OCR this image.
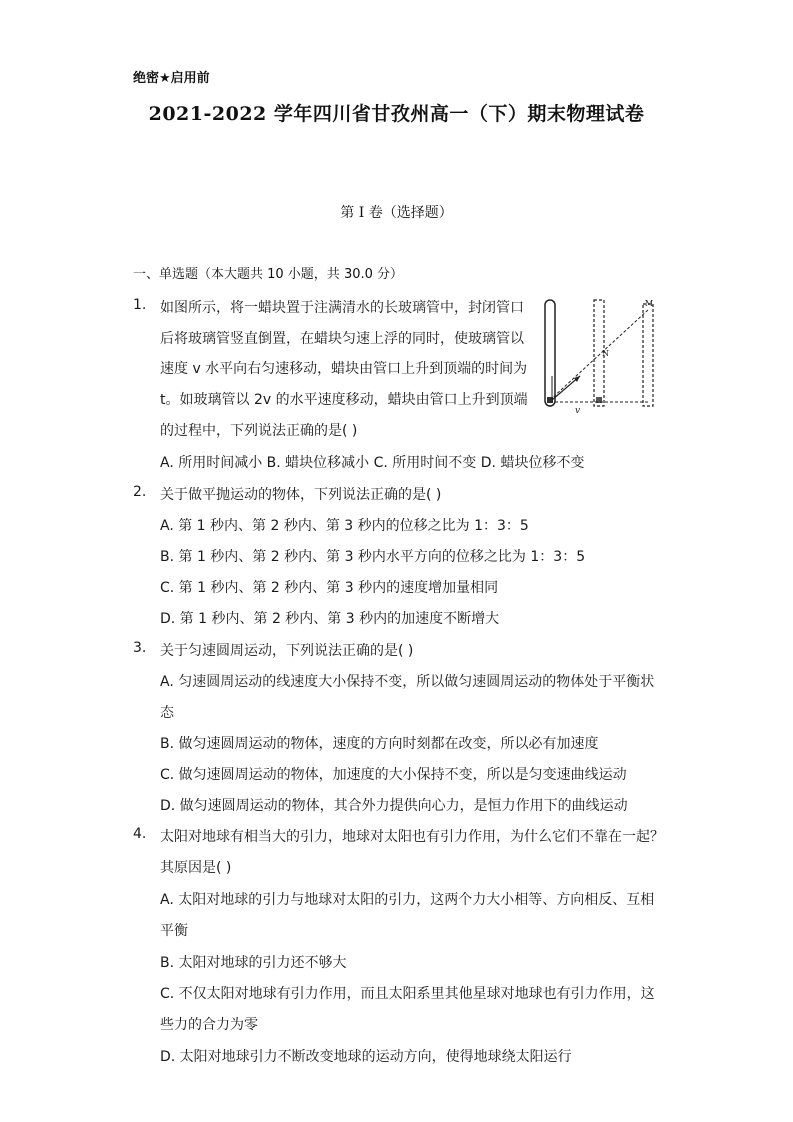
绝密★启用前
2021-2022 学年四川省甘孜州高一（下）期末物理试卷
第 I 卷（选择题）
一、单选题（本大题共 10 小题，共 30.0 分）
1. 如图所示，将一蜡块置于注满清水的长玻璃管中，封闭管口
后将玻璃管竖直倒置，在蜡块匀速上浮的同时，使玻璃管以
速度 v 水平向右匀速移动，蜡块由管口上升到顶端的时间为
t。如玻璃管以 2v 的水平速度移动，蜡块由管口上升到顶端
的过程中，下列说法正确的是( )
A. 所用时间减小 B. 蜡块位移减小 C. 所用时间不变 D. 蜡块位移不变
N
M
v
2. 关于做平抛运动的物体，下列说法正确的是( )
A. 第 1 秒内、第 2 秒内、第 3 秒内的位移之比为 1：3：5
B. 第 1 秒内、第 2 秒内、第 3 秒内水平方向的位移之比为 1：3：5
C. 第 1 秒内、第 2 秒内、第 3 秒内的速度增加量相同
D. 第 1 秒内、第 2 秒内、第 3 秒内的加速度不断增大
3. 关于匀速圆周运动，下列说法正确的是( )
A. 匀速圆周运动的线速度大小保持不变，所以做匀速圆周运动的物体处于平衡状
态
B. 做匀速圆周运动的物体，速度的方向时刻都在改变，所以必有加速度
C. 做匀速圆周运动的物体，加速度的大小保持不变，所以是匀变速曲线运动
D. 做匀速圆周运动的物体，其合外力提供向心力，是恒力作用下的曲线运动
4. 太阳对地球有相当大的引力，地球对太阳也有引力作用，为什么它们不靠在一起？
其原因是( )
A. 太阳对地球的引力与地球对太阳的引力，这两个力大小相等、方向相反、互相
平衡
B. 太阳对地球的引力还不够大
C. 不仅太阳对地球有引力作用，而且太阳系里其他星球对地球也有引力作用，这
些力的合力为零
D. 太阳对地球引力不断改变地球的运动方向，使得地球绕太阳运行
